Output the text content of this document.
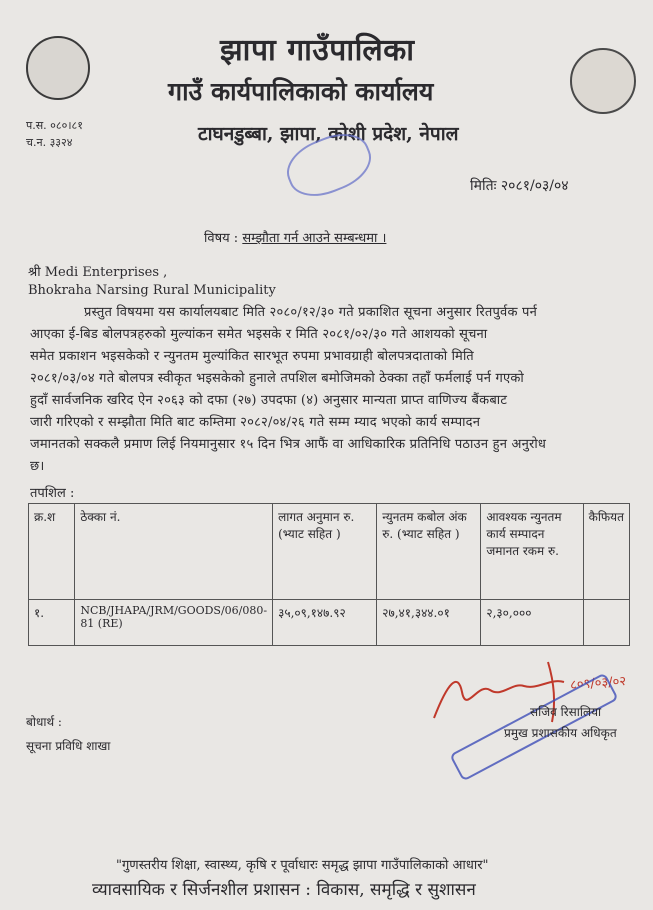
झापा गाउँपालिका
गाउँ कार्यपालिकाको कार्यालय
टाघनडुब्बा, झापा, कोशी प्रदेश, नेपाल
प.स. ०८०।८१
च.न. ३३२४
मितिः २०८१/०३/०४
विषय : सम्झौता गर्न आउने सम्बन्धमा ।
श्री Medi Enterprises ,
Bhokraha Narsing Rural Municipality
प्रस्तुत विषयमा यस कार्यालयबाट मिति २०८०/१२/३० गते प्रकाशित सूचना अनुसार रितपुर्वक पर्न
आएका ई-बिड बोलपत्रहरुको मुल्यांकन समेत भइसके र मिति २०८१/०२/३० गते आशयको सूचना
समेत प्रकाशन भइसकेको र न्युनतम मुल्यांकित सारभूत रुपमा प्रभावग्राही बोलपत्रदाताको मिति
२०८१/०३/०४ गते बोलपत्र स्वीकृत भइसकेको हुनाले तपशिल बमोजिमको ठेक्का तहाँ फर्मलाई पर्न गएको
हुदाँ सार्वजनिक खरिद ऐन २०६३ को दफा (२७) उपदफा (४) अनुसार मान्यता प्राप्त वाणिज्य बैंकबाट
जारी गरिएको र सम्झौता मिति बाट कम्तिमा २०८२/०४/२६ गते सम्म म्याद भएको कार्य सम्पादन
जमानतको सक्कलै प्रमाण लिई नियमानुसार १५ दिन भित्र आफैं वा आधिकारिक प्रतिनिधि पठाउन हुन अनुरोध
छ।
तपशिल :
क्र.श	ठेक्का नं.	लागत अनुमान रु. (भ्याट सहित )	न्युनतम कबोल अंक रु. (भ्याट सहित )	आवश्यक न्युनतम कार्य सम्पादन जमानत रकम रु.	कैफियत
१.	NCB/JHAPA/JRM/GOODS/06/080-81 (RE)	३५,०९,१४७.९२	२७,४१,३४४.०१	२,३०,०००	
८०९/०३/०२
सजिव रिसालिया
प्रमुख प्रशासकीय अधिकृत
बोधार्थ :
सूचना प्रविधि शाखा
"गुणस्तरीय शिक्षा, स्वास्थ्य, कृषि र पूर्वाधारः समृद्ध झापा गाउँपालिकाको आधार"
व्यावसायिक र सिर्जनशील प्रशासन : विकास, समृद्धि र सुशासन
